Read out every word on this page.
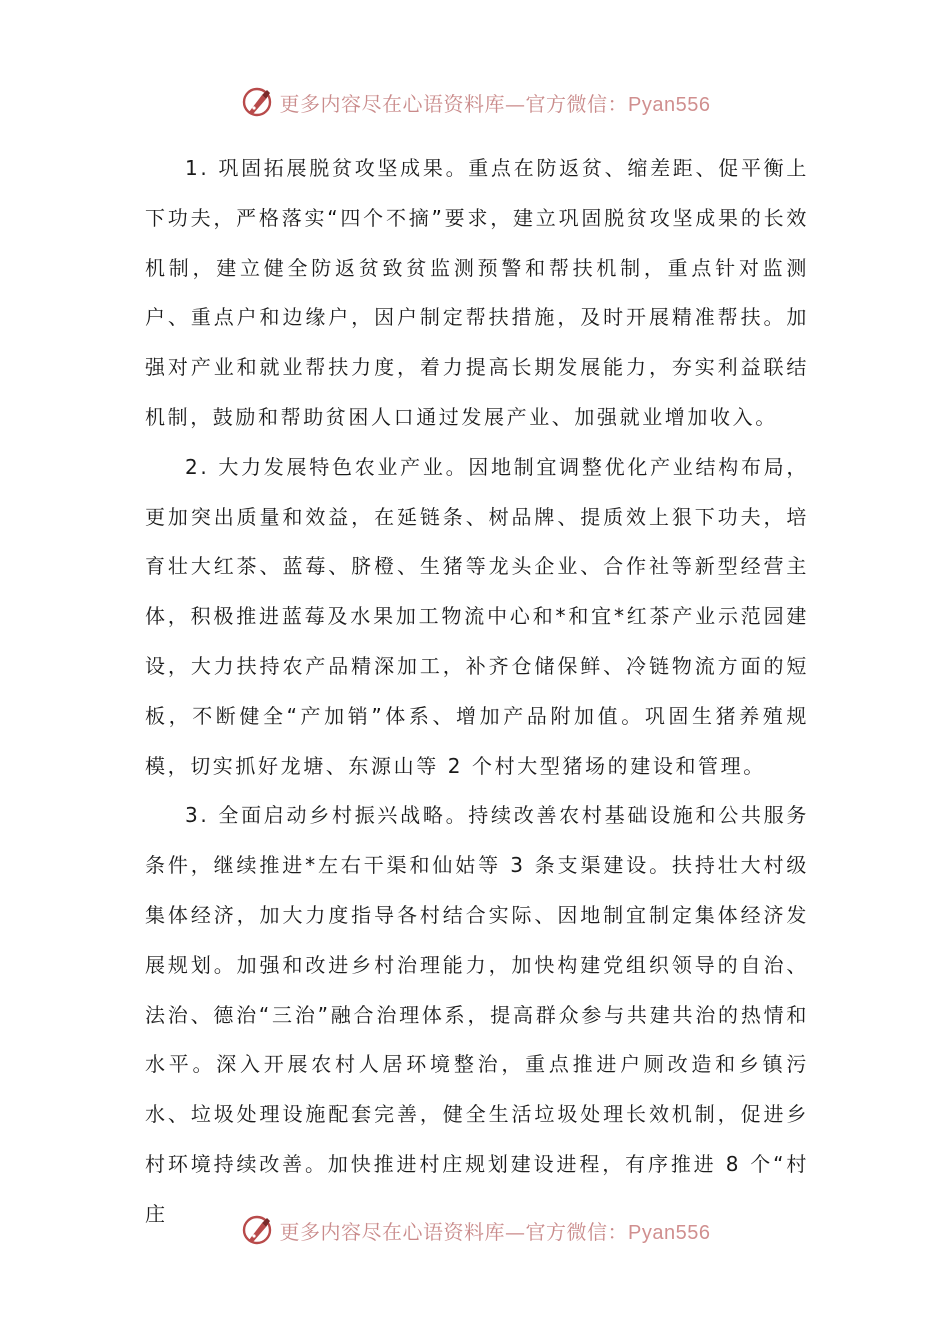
更多内容尽在心语资料库—官方微信：Pyan556

1. 巩固拓展脱贫攻坚成果。重点在防返贫、缩差距、促平衡上下功夫，严格落实“四个不摘”要求，建立巩固脱贫攻坚成果的长效机制，建立健全防返贫致贫监测预警和帮扶机制，重点针对监测户、重点户和边缘户，因户制定帮扶措施，及时开展精准帮扶。加强对产业和就业帮扶力度，着力提高长期发展能力，夯实利益联结机制，鼓励和帮助贫困人口通过发展产业、加强就业增加收入。

2. 大力发展特色农业产业。因地制宜调整优化产业结构布局，更加突出质量和效益，在延链条、树品牌、提质效上狠下功夫，培育壮大红茶、蓝莓、脐橙、生猪等龙头企业、合作社等新型经营主体，积极推进蓝莓及水果加工物流中心和*和宜*红茶产业示范园建设，大力扶持农产品精深加工，补齐仓储保鲜、冷链物流方面的短板，不断健全“产加销”体系、增加产品附加值。巩固生猪养殖规模，切实抓好龙塘、东源山等 2 个村大型猪场的建设和管理。

3. 全面启动乡村振兴战略。持续改善农村基础设施和公共服务条件，继续推进*左右干渠和仙姑等 3 条支渠建设。扶持壮大村级集体经济，加大力度指导各村结合实际、因地制宜制定集体经济发展规划。加强和改进乡村治理能力，加快构建党组织领导的自治、法治、德治“三治”融合治理体系，提高群众参与共建共治的热情和水平。深入开展农村人居环境整治，重点推进户厕改造和乡镇污水、垃圾处理设施配套完善，健全生活垃圾处理长效机制，促进乡村环境持续改善。加快推进村庄规划建设进程，有序推进 8 个“村庄

更多内容尽在心语资料库—官方微信：Pyan556
